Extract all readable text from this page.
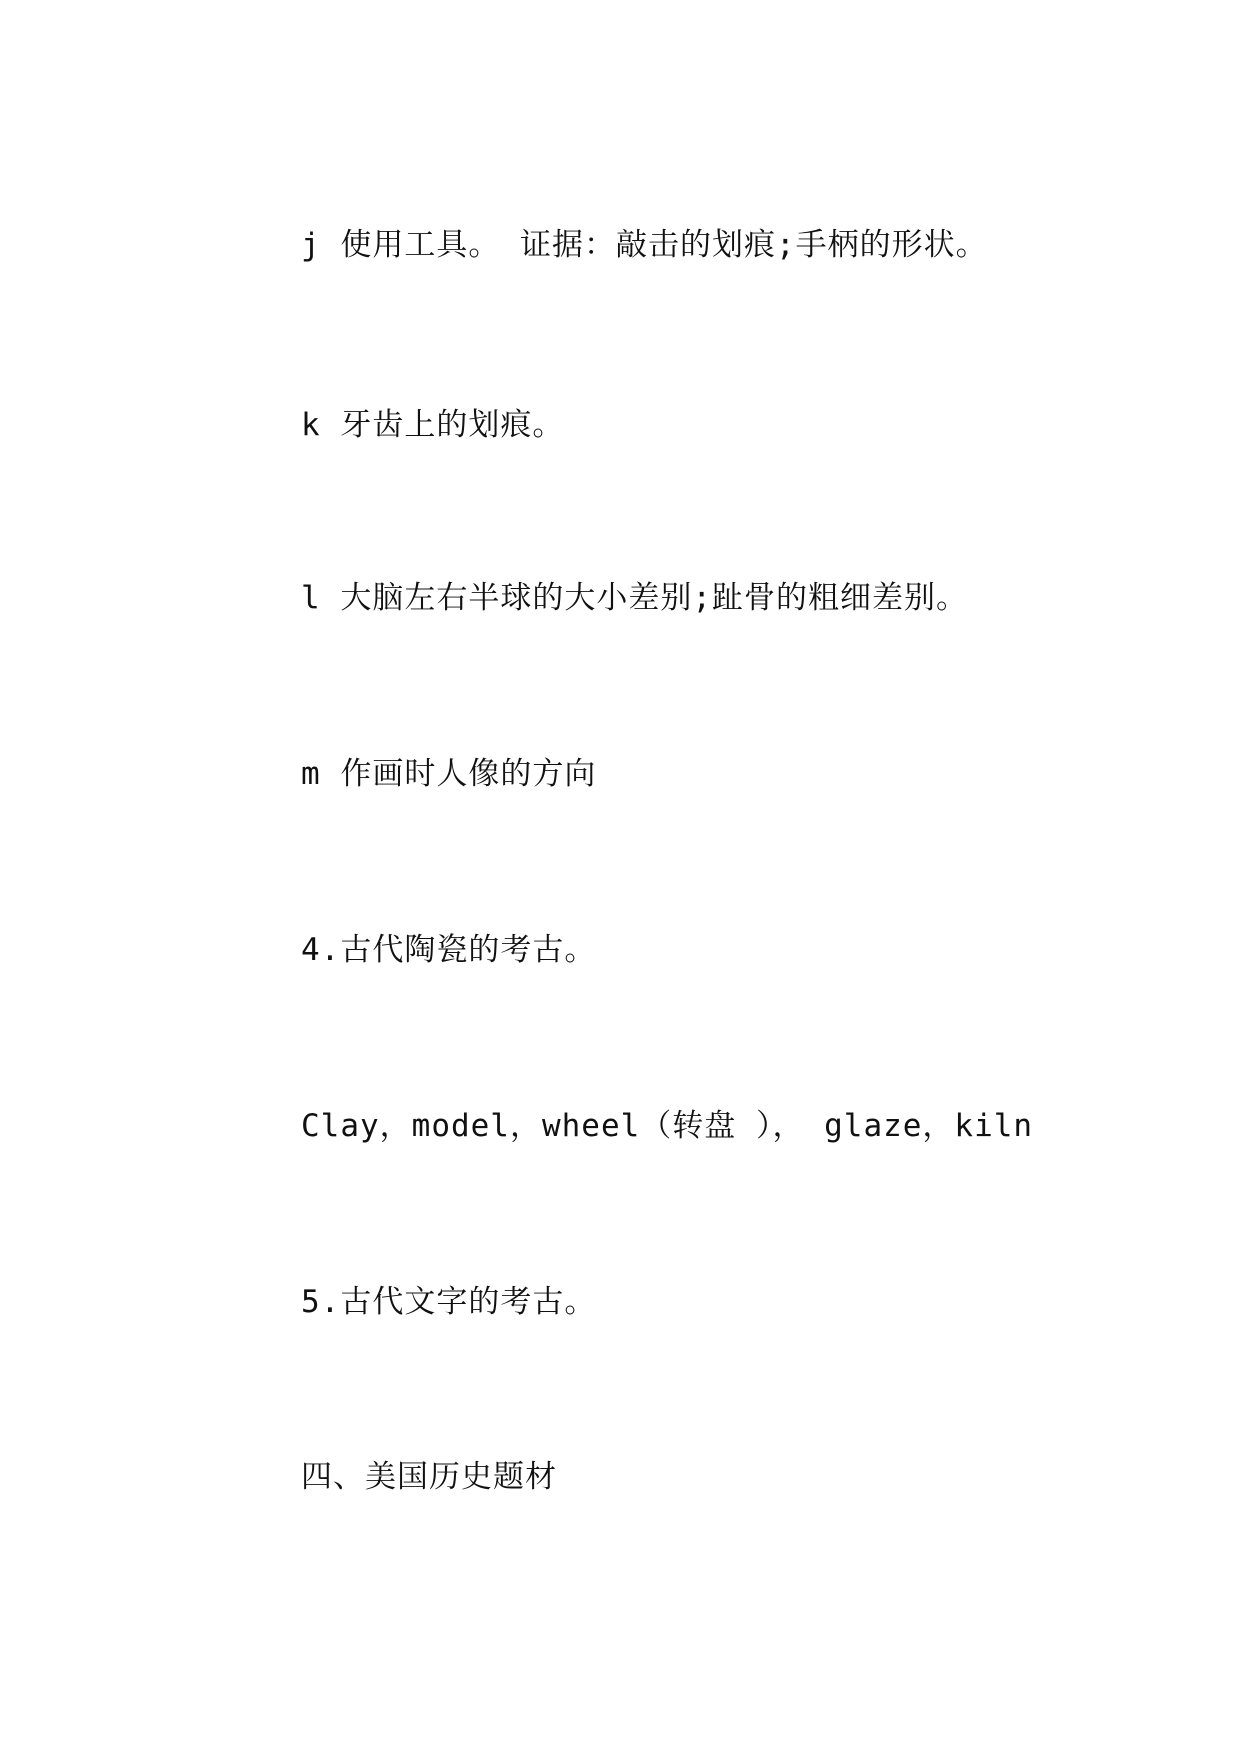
j 使用工具。 证据：敲击的划痕;手柄的形状。

k 牙齿上的划痕。

l 大脑左右半球的大小差别;趾骨的粗细差别。

m 作画时人像的方向

4.古代陶瓷的考古。

Clay，model，wheel（转盘 ）， glaze，kiln

5.古代文字的考古。

四、美国历史题材
